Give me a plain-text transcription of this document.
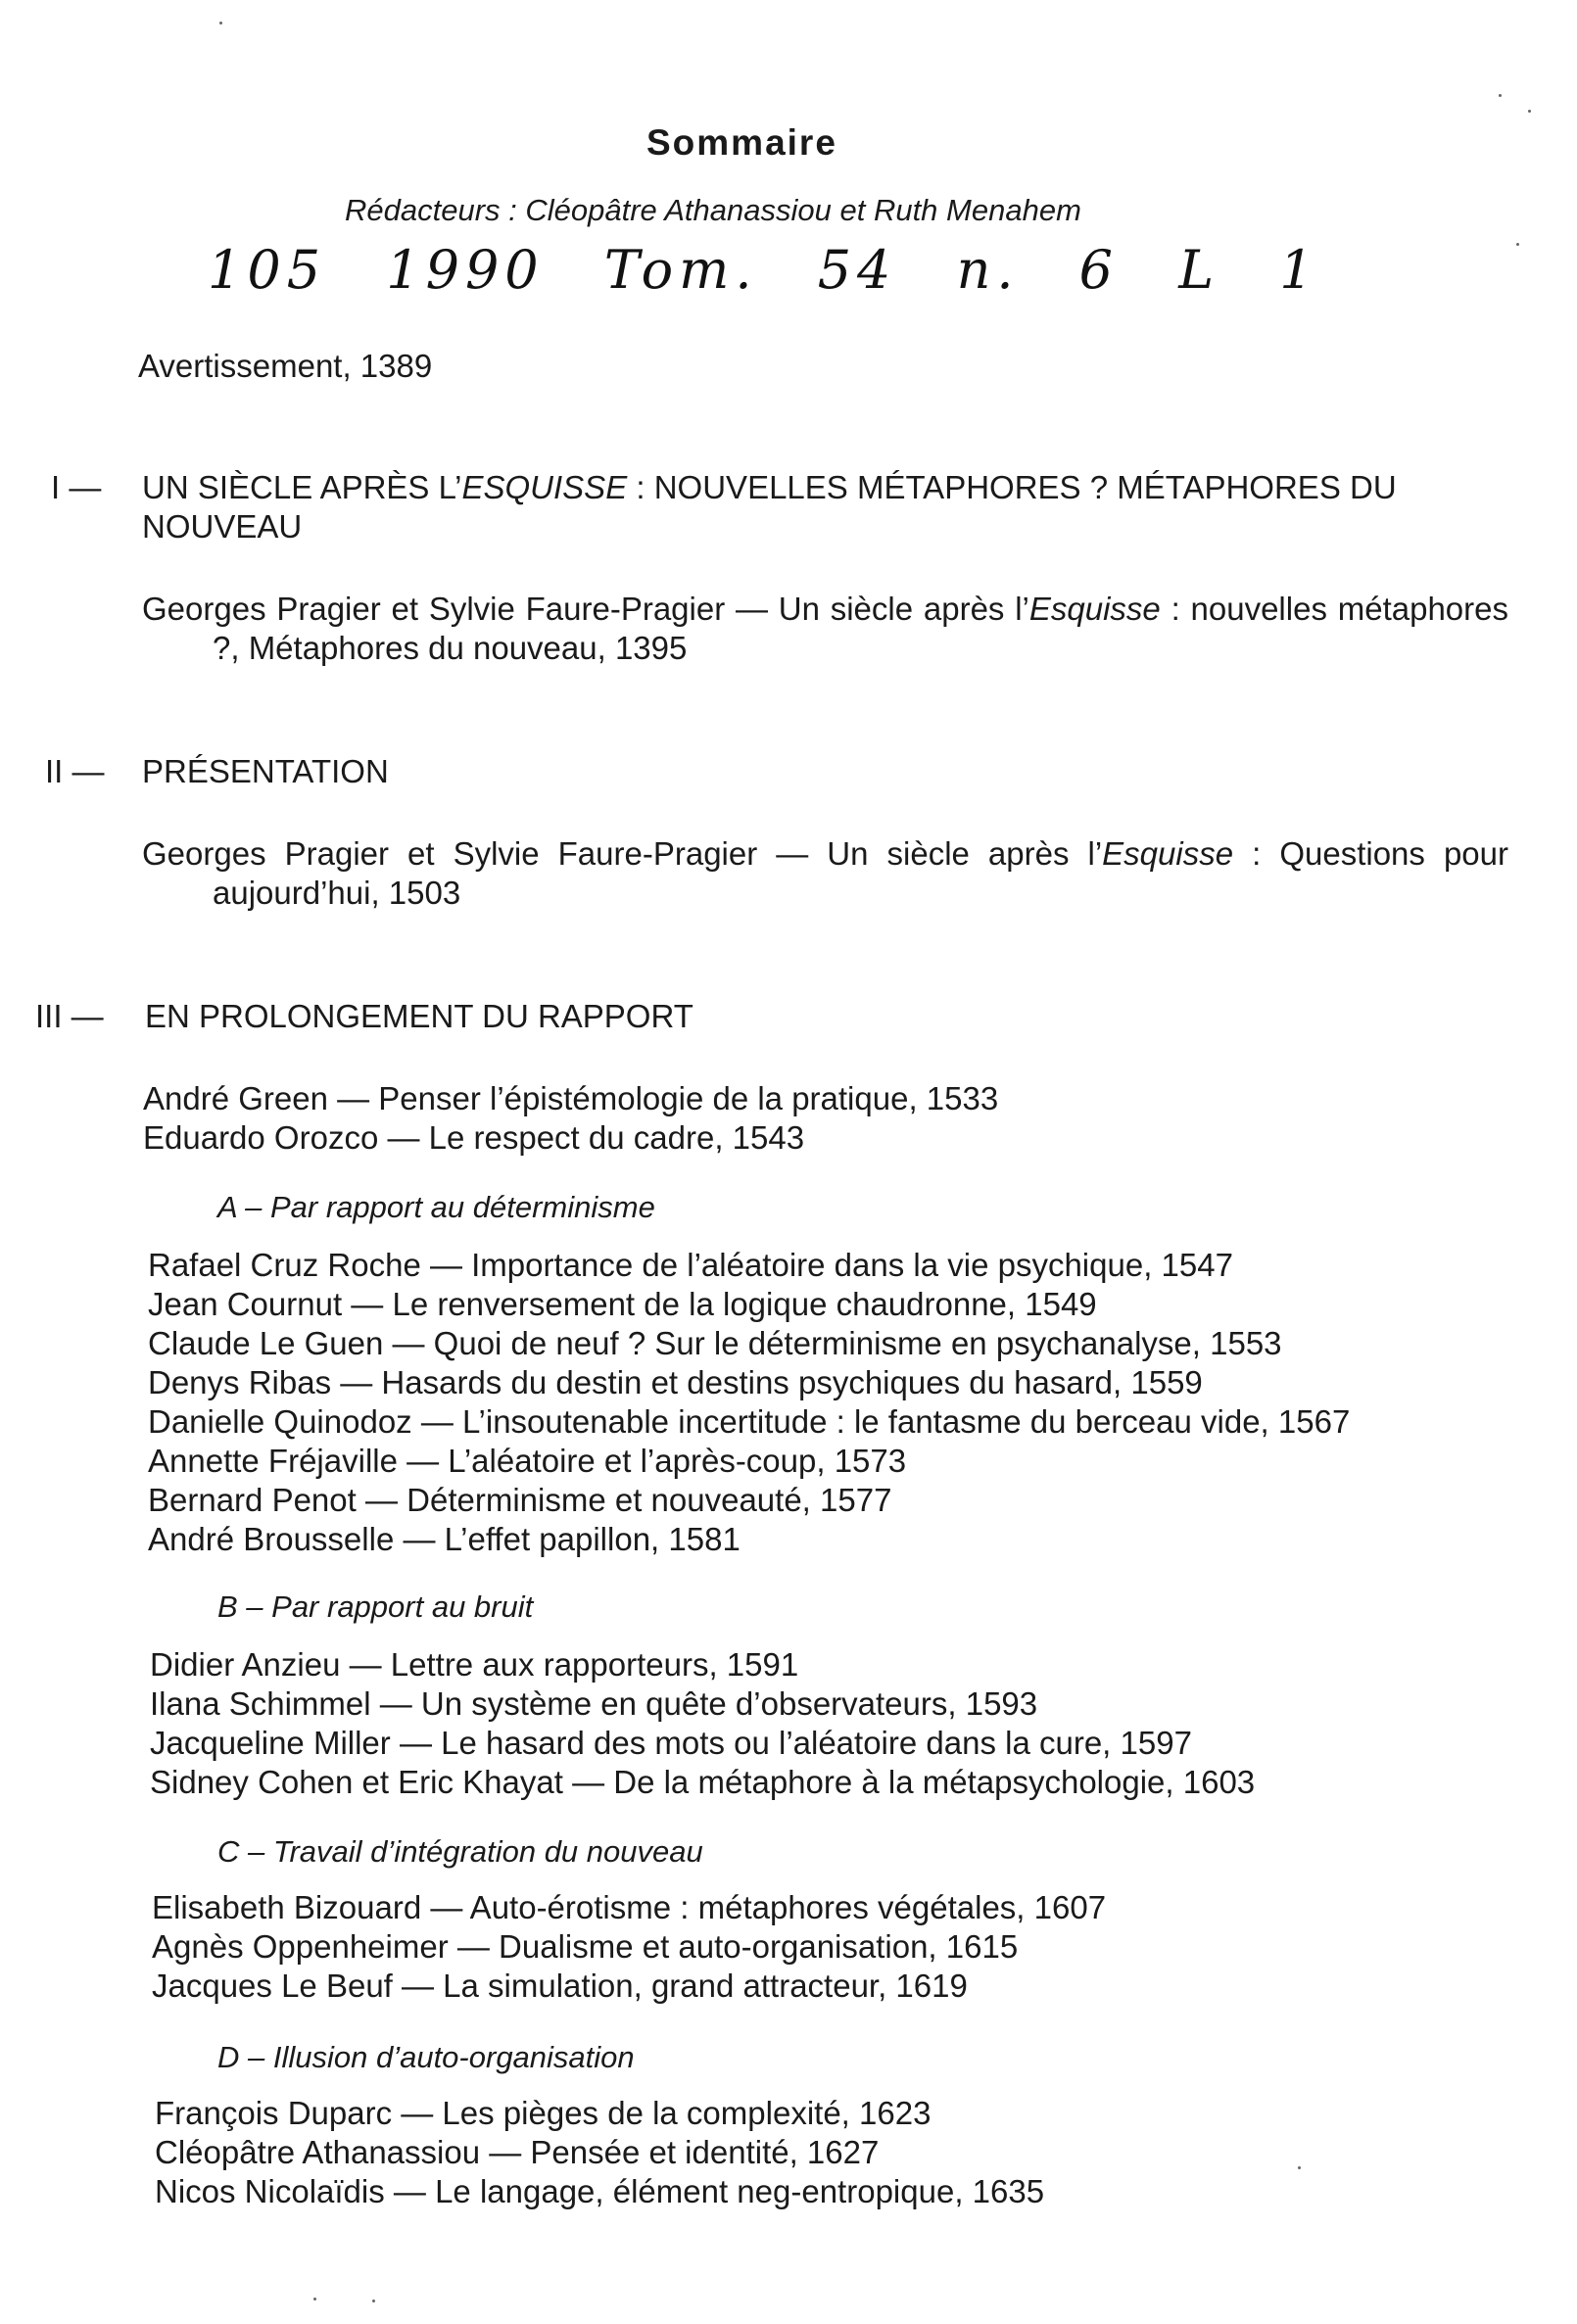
Sommaire
Rédacteurs : Cléopâtre Athanassiou et Ruth Menahem
105 1990 Tom. 54 n. 6 L 1
Avertissement, 1389
I —	UN SIÈCLE APRÈS L’ESQUISSE : NOUVELLES MÉTAPHORES ? MÉTAPHORES DU NOUVEAU
Georges Pragier et Sylvie Faure-Pragier — Un siècle après l’Esquisse : nouvelles métaphores ?, Métaphores du nouveau, 1395
II —	PRÉSENTATION
Georges Pragier et Sylvie Faure-Pragier — Un siècle après l’Esquisse : Questions pour aujourd’hui, 1503
III —	EN PROLONGEMENT DU RAPPORT
André Green — Penser l’épistémologie de la pratique, 1533
Eduardo Orozco — Le respect du cadre, 1543
A – Par rapport au déterminisme
Rafael Cruz Roche — Importance de l’aléatoire dans la vie psychique, 1547
Jean Cournut — Le renversement de la logique chaudronne, 1549
Claude Le Guen — Quoi de neuf ? Sur le déterminisme en psychanalyse, 1553
Denys Ribas — Hasards du destin et destins psychiques du hasard, 1559
Danielle Quinodoz — L’insoutenable incertitude : le fantasme du berceau vide, 1567
Annette Fréjaville — L’aléatoire et l’après-coup, 1573
Bernard Penot — Déterminisme et nouveauté, 1577
André Brousselle — L’effet papillon, 1581
B – Par rapport au bruit
Didier Anzieu — Lettre aux rapporteurs, 1591
Ilana Schimmel — Un système en quête d’observateurs, 1593
Jacqueline Miller — Le hasard des mots ou l’aléatoire dans la cure, 1597
Sidney Cohen et Eric Khayat — De la métaphore à la métapsychologie, 1603
C – Travail d’intégration du nouveau
Elisabeth Bizouard — Auto-érotisme : métaphores végétales, 1607
Agnès Oppenheimer — Dualisme et auto-organisation, 1615
Jacques Le Beuf — La simulation, grand attracteur, 1619
D – Illusion d’auto-organisation
François Duparc — Les pièges de la complexité, 1623
Cléopâtre Athanassiou — Pensée et identité, 1627
Nicos Nicolaïdis — Le langage, élément neg-entropique, 1635
